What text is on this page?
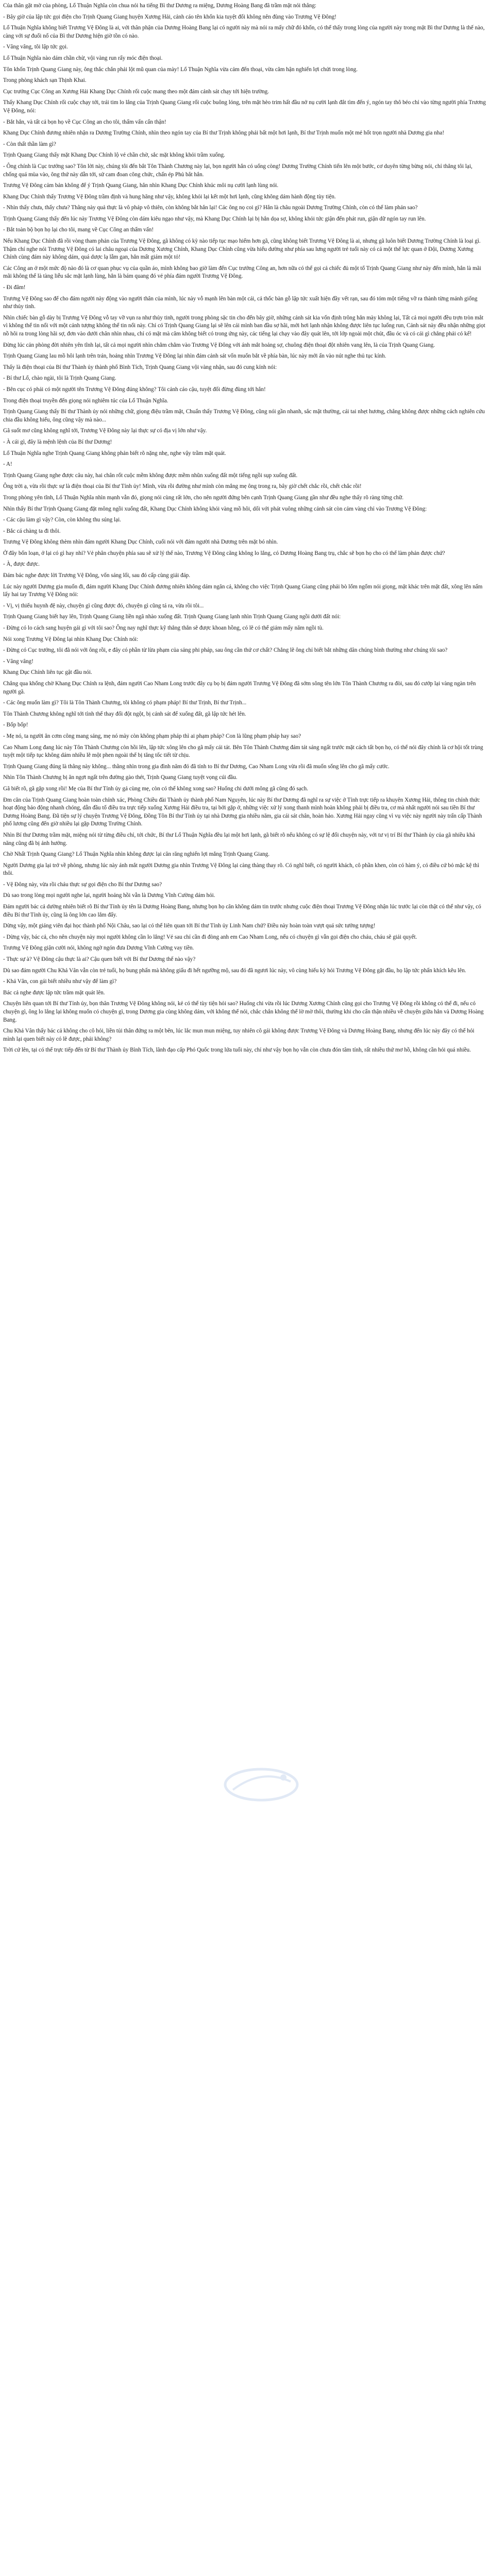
Của thân gặt mờ của phòng, Lổ Thuận Nghĩa còn chua nói ha tiếng Bì thư Dương ra miệng, Dương Hoàng Bang đã trầm mặt nói thẳng:

- Bây giờ của lập tức gọi điện cho Trịnh Quang Giang huyện Xương Hải, cảnh cáo tên khốn kia tuyệt đối không nên đùng vào Trương Vệ Đông!

Lổ Thuận Nghĩa không biết Trương Vệ Đông là ai, với thân phận của Dương Hoàng Bang lại có người này mà nói ra mấy chữ đó khốn, có thể thấy trong lòng của người này trong mặt Bì thư Dương là thế nào, càng với sự đuổi nổ của Bì thư Dương hiện giờ tồn có nào.

- Vâng vâng, tôi lập tức gọi.

Lổ Thuận Nghĩa nào dám chần chừ, vội vàng run rẩy móc điện thoại.

Tôn khốn Trịnh Quang Giang này, ông thắc chắn phải lột mũ quan của mày! Lổ Thuận Nghĩa vừa cảm đến thoại, vừa căm hận nghiến lợi chửi trong lòng.

Trong phòng khách sạn Thịnh Khai.

Cục trưởng Cục Công an Xương Hải Khang Dục Chính rối cuộc mang theo một đám cảnh sát chạy tới hiện trường.

Thấy Khang Dục Chính rối cuộc chạy tới, trái tim lo lắng của Trịnh Quang Giang rối cuộc buông lỏng, trên mặt hèo trim hất đầu nở nụ cười lạnh đắt tìm đến ý, ngón tay thô béo chỉ vào từng người phía Trương Vệ Đông, nói:

- Bắt hắn, và tất cả bọn họ về Cục Công an cho tôi, thẩm vấn cẩn thận!

Khang Dục Chính đương nhiên nhận ra Dương Trường Chính, nhìn theo ngón tay của Bí thư Trịnh không phải bất một hơi lạnh, Bí thư Trịnh muốn một mẻ hốt trọn người nhà Dương gia nha!

- Còn thất thần làm gì?

Trịnh Quang Giang thấy mặt Khang Dục Chính lộ vẻ chần chờ, sắc mặt không khỏi trầm xuống.

- Ông chính là Cục trưởng sao? Tôn lời này, chúng tôi đến bắt Tôn Thành Chương này lại, bọn người hắn có uống còng! Dương Trường Chính tiến lên một bước, cơ duyên từng bừng nói, chỉ thẳng tôi lại, chống quá mùa vào, ông thứ này dẫn tới, sử cam đoan công chức, chấn ép Phủ bắt hắn.

Trương Vệ Đông cảm bản không để ý Trịnh Quang Giang, hẳn nhìn Khang Dục Chính khúc môi nụ cười lạnh lùng nói.

Khang Dục Chính thấy Trương Vệ Đông trầm định và hung hăng như vậy, không khỏi lại kết một hơi lạnh, cũng không dám hành động tùy tiện.

- Nhìn thấy chưa, thấy chưa? Thằng này quả thực là vô pháp vô thiên, còn không bắt hắn lại! Các ông nọ coi gì? Hắn là châu ngoài Dương Trường Chính, còn có thể làm phản sao?

Trịnh Quang Giang thấy đến lúc này Trương Vệ Đông còn dám kiêu ngạo như vậy, mà Khang Dục Chính lại bị hắn dọa sợ, không khỏi tức giận đến phát run, giận dữ ngón tay run lên.

- Bắt toàn bộ bọn họ lại cho tôi, mang về Cục Công an thẩm vấn!

Nếu Khang Dục Chính đã rồi vòng tham phản của Trương Vệ Đông, gã không có kỳ nào tiếp tục mạo hiểm hơn gã, cũng không biết Trương Vệ Đông là ai, nhưng gã luôn biết Dương Trường Chính là loại gì. Thậm chí nghe nói Trương Vệ Đông có lai châu ngoại của Dương Xương Chính, Khang Dục Chính cũng vừa hiểu dường như phía sau lưng người trẻ tuổi này có cả một thế lực quan ở Đội, Dương Xương Chính cùng đám này không dám, quá dược lạ lẫm gan, hẳn mất giám một tỏ!

Các Công an ở một mức độ nào đó là cơ quan phục vụ của quần áo, mình không bao giờ làm đến Cục trưởng Công an, hơn nữa có thể gọi cả chiếc đủ một tổ Trịnh Quang Giang như này đến mình, hắn là mãi mãi không thể là tàng liễu sắc mặt lạnh lùng, hẳn là bám quang đó vẻ phía đám người Trương Vệ Đông.

- Đi đâm!

Trương Vệ Đông sao để cho đám người này động vào người thân của mình, lúc này vỗ mạnh lên bàn một cái, cả thốc bàn gỗ lập tức xuất hiện đầy vết rạn, sau đó tóm một tiếng vỡ ra thành từng mảnh giống như thủy tinh.

Nhìn chiếc bàn gỗ dày bị Trương Vệ Đông vỗ tay vỡ vụn ra như thủy tinh, người trong phòng sặc tin cho đến bây giờ, những cảnh sát kia vốn định trông hẳn mày không lại, Tất cả mọi người đều trợn tròn mắt vì không thể tin nổi với một cảnh tượng không thể tin nổi này. Chỉ có Trịnh Quang Giang lại sẽ lên cái mình ban đầu sợ hãi, mới hơi lạnh nhận không được liên tục luống run, Cảnh sát này đều nhận những giọt nồ hôi ra trong lòng hãi sợ, đơn vào dưới chân nhìn nhau, chỉ có mặt mà căm không biết có trong ứng này, các tiếng lại chạy vào đây quát lên, tới lớp ngoài một chút, đầu óc và có cái gì chẳng phải có kể!

Đừng lúc cản phòng đời nhiên yên tĩnh lại, tất cả mọi người nhìn chằm chằm vào Trương Vệ Đông với ánh mắt hoảng sợ, chuông điện thoại đột nhiên vang lên, là của Trịnh Quang Giang.

Trịnh Quang Giang lau mồ hôi lạnh trên trán, hoảng nhìn Trương Vệ Đông lại nhìn đám cảnh sát vốn muốn bắt về phía bàn, lúc này mới ấn vào nút nghe thủ tục kính.

Thấy là điện thoại của Bí thư Thành ủy thành phố Bình Tích, Trịnh Quang Giang vội vàng nhận, sau đó cung kính nói:

- Bí thư Lổ, chào ngài, tôi là Trịnh Quang Giang.

- Bên cục có phải có một người tên Trương Vệ Đông đúng không? Tôi cảnh cáo cậu, tuyệt đối đừng đùng tới hắn!

Trong điện thoại truyền đến giọng nói nghiêm túc của Lổ Thuận Nghĩa.

Trịnh Quang Giang thấy Bí thư Thành ủy nói những chữ, giọng điệu trầm mặt, Chuẩn thấy Trương Vệ Đông, cũng nói gần nhanh, sắc mặt thường, cái tai nhẹt hương, chẳng không được những cách nghiên cứu chia đầu không hiểu, ông cũng vậy mà nào...

Gã suốt mơ cũng không nghĩ tới, Trương Vệ Đông này lại thực sự có địa vị lớn như vậy.

- À cái gì, đây là mệnh lệnh của Bí thư Dương!

Lổ Thuận Nghĩa nghe Trịnh Quang Giang không phản biết rõ nặng nhẹ, nghe vậy trầm mặt quát.

- A!

Trịnh Quang Giang nghe được câu này, hai chân rốt cuộc mềm không được mềm nhũn xuống đất một tiếng ngồi sụp xuống đất.

Ông trời ạ, vừa rồi thực sự là điện thoại của Bí thư Tỉnh ủy! Mình, vừa rồi đường như mình còn mắng mẹ ông trong ra, bây giờ chết chắc rồi, chết chắc rồi!

Trong phòng yên tĩnh, Lổ Thuận Nghĩa nhìn mạnh vẫn đó, giọng nói cùng rất lớn, cho nên người đứng bên cạnh Trịnh Quang Giang gần như đều nghe thấy rõ ràng từng chữ.

Nhìn thấy Bí thư Trịnh Quang Giang đặt mông ngồi xuống đất, Khang Dục Chính không khỏi vàng mồ hôi, dối với phát vuông những cảnh sát còn cảm vàng chỉ vào Trương Vệ Đông:

- Các cậu làm gì vậy? Còn, còn không thu súng lại.

- Bắc cá chàng ta đi thôi.

Trương Vệ Đông không thèm nhìn đám người Khang Dục Chính, cuối nói với đám người nhà Dương trên mặt bó nhìn.

Ở đây bốn loạn, ở lại có gì hay nhỉ? Vẻ phân chuyện phía sau sẽ xử lý thế nào, Trương Vệ Đông căng không lo lắng, có Dương Hoàng Bang trụ, chắc sẽ bọn họ cho có thể làm phản được chứ?

- À, được được.

Đám bác nghe được lời Trương Vệ Đông, vốn sáng lối, sau đó cấp cùng giải đáp.

Lúc này người Dương gia muốn đi, đám người Khang Dục Chính đương nhiên không dám ngăn cả, không cho việc Trịnh Quang Giang cũng phải bò lổm ngổm nói giọng, mặt khác trên mặt đất, xông lên nấm lấy hai tay Trương Vệ Đông nói:

- Vị, vị thiếu huynh đệ này, chuyện gì cũng được đó, chuyện gì cũng tá ra, vừa rồi tôi...

Trịnh Quang Giang biết hạy lên, Trịnh Quang Giang liền ngã nhào xuống đất. Trịnh Quang Giang lạnh nhìn Trịnh Quang Giang ngồi dưới đất nói:

- Đừng có lo cách sang huyện gái gì với tôi sao? Ông nay nghĩ thực kỹ thẳng thắn sẽ được khoan hồng, có lẽ có thể giảm mấy năm ngồi tù.

Nói xong Trương Vệ Đông lại nhìn Khang Dục Chính nói:

- Đừng có Cục trưởng, tôi đã nói với ông rồi, e đây có phần từ lừa phạm của sảng phi pháp, sau ông cần thứ cơ chất? Chẳng lẽ ông chỉ biết bắt những dân chúng bình thường như chúng tôi sao?

- Vâng vâng!

Khang Dục Chính liên tục gật đầu nói.

Chẳng qua khổng chờ Khang Dục Chính ra lệnh, đám người Cao Nham Long trước đây cụ bọ bị đám người Trương Vệ Đông đã sớm sông tên lớn Tôn Thành Chương ra đòi, sau đó cướp lại vàng ngàn trên người gã.

- Các ông muốn làm gì? Tôi là Tôn Thành Chương, tôi không có phạm pháp! Bí thư Trịnh, Bí thư Trịnh...

Tôn Thành Chương không nghĩ tới tình thế thay đổi đột ngột, bị cảnh sát để xuống đất, gã lập tức hét lên.

- Bốp bốp!

- Mẹ nó, ta người ăn cơm công mang sảng, mẹ nó mày còn không phạm pháp thì ai phạm pháp? Con là lũng phạm pháp hay sao?

Cao Nham Long đang lúc này Tôn Thành Chương còn hồi lên, lập tức xông lên cho gã mấy cái tát. Bên Tôn Thành Chương đám tát sáng ngất trước mặt cách tất bọn họ, có thể nói đây chính là cơ hội tốt trùng tuyệt một tiếp tục không dám nhiều lẽ một phen ngoài thế bị tăng tốc tiết từ chịu.

Trịnh Quang Giang đúng là thằng này không... thằng nhìn trong gia đình năm đó đã tính to Bí thư Dương, Cao Nham Long vừa rồi đã muốn sống lên cho gã mấy cước.

Nhìn Tôn Thành Chương bị ăn ngợt ngất trên đường gào thét, Trịnh Quang Giang tuyệt vọng cúi đầu.

Gã biết rõ, gã gặp xong rồi! Mẹ của Bí thư Tỉnh ủy gả cùng mẹ, còn có thể không xong sao? Huống chi dưới mông gã cũng đó sạch.

Đm căn của Trịnh Quang Giang hoàn toàn chính xác, Phòng Chiều đài Thành ủy thành phố Nam Nguyên, lúc này Bí thư Dương đã nghĩ ra sự việc ở Tỉnh trực tiếp ra khuyên Xương Hải, thông tin chính thức hoạt động bảo động nhanh chóng, dẫn đầu tổ điều tra trực tiếp xuống Xương Hải điều tra, tại bởi gặp ở, những việc xử lý xong thanh mình hoàn không phải bị điều tra, cơ mà nhất người nói sau tiền Bí thư Dương Hoàng Bang. Đã tiện sự lý chuyện Trương Vệ Đông, Đồng Tôn Bí thư Tỉnh ủy tại nhà Dương gia nhiều năm, gia cái sát chân, hoàn hảo. Xương Hải ngay cũng vì vụ việc này người này trấn cấp Thành phố lương cũng đến giờ nhiều lại gặp Dương Trường Chính.

Nhìn Bí thư Dương trầm mặt, miệng nói từ từng điều chỉ, tới chức, Bí thư Lổ Thuận Nghĩa đều lại một hơi lạnh, gã biết rõ nếu không có sự lệ đổi chuyện này, với tư vị trí Bí thư Thành ủy của gã nhiều khả năng cũng đã bị ảnh hưởng.

Chờ Nhất Trịnh Quang Giang? Lổ Thuận Nghĩa nhìn không được lại căn răng nghiến lợi mắng Trịnh Quang Giang.

Người Dương gia lại trở về phòng, nhưng lúc này ánh mắt người Dương gia nhìn Trương Vệ Đông lại càng thàng thay rõ. Có nghĩ biết, có người khách, cô phần khen, còn có hàm ý, có điều cứ bỏ mặc kệ thì thôi.

- Vệ Đông này, vừa rồi cháu thực sự gọi điện cho Bí thư Dương sao?

Dù sao trong lòng mọi người nghe lại, người hoảng hồi vẫn là Dương Vĩnh Cường dám hỏi.

Đám người bác cả dường nhiên biết rõ Bí thư Tỉnh ủy tên là Dương Hoàng Bang, nhưng bọn họ căn không dám tin trước nhưng cuộc điện thoại Trương Vệ Đông nhận lúc trước lại còn thật có thể như vậy, có điều Bí thư Tỉnh ủy, cũng là ông lớn cao lắm đấy.

Dừng vậy, một giáng viên đại học thành phố Nội Châu, sao lại có thể liên quan tới Bí thư Tỉnh ủy Linh Nam chứ? Điều này hoàn toàn vượt quá sức tưởng tượng!

- Dừng vậy, bác cả, cho nên chuyện này mọi người không cần lo lắng! Vẻ sau chỉ cần đi đòng anh em Cao Nham Long, nếu có chuyện gì vẫn gọi điện cho cháu, cháu sẽ giải quyết.

Trương Vệ Đông giận cười nói, không ngờ ngón đưa Dương Vĩnh Cường vay tiền.

- Thực sự à? Vệ Đông cậu thực là ai? Cậu quen biết với Bí thư Dương thế nào vậy?

Dù sao đám người Chu Khả Vân vẫn còn trẻ tuổi, họ bung phấn mà không giấu đi hết ngưỡng mộ, sau đó đã ngươi lúc này, vô cùng hiếu kỳ hỏi Trương Vệ Đông gặt đầu, họ lập tức phấn khích kêu lên.

- Khả Vân, con gái biết nhiều như vậy để làm gì?

Bác cả nghe được lập tức trầm mặt quát lên.

Chuyện liên quan tới Bí thư Tỉnh ủy, bọn thân Trương Vệ Đông không nói, kẻ có thể tùy tiện hỏi sao? Huống chi vừa rồi lúc Dương Xương Chính cũng gọi cho Trương Vệ Đông rồi không có thể đi, nếu có chuyện gì, ông lo lắng lại không muốn có chuyện gì, trong Dương gia cùng không dám, với không thể nói, chắc chắn không thể lờ mờ thôi, thường khi cho cẩn thận nhiều về chuyện giữa hẳn và Dương Hoàng Bang.

Chu Khả Vân thấy bác cả không cho cô hỏi, liền tủi thân đứng ra một bên, lúc lắc mun mun miệng, tuy nhiên cô gái không được Trương Vệ Đông và Dương Hoàng Bang, nhưng đến lúc này đây có thể hỏi mình lại quen biết này có lẽ được, phải không?

Trời cứ lên, tại có thể trực tiếp đến từ Bí thư Thành ủy Bình Tích, lãnh đạo cấp Phó Quốc trong lứa tuổi này, chỉ như vậy bọn họ vẫn còn chưa đón tâm tính, rất nhiều thứ mơ hồ, không cần hỏi quá nhiều.
